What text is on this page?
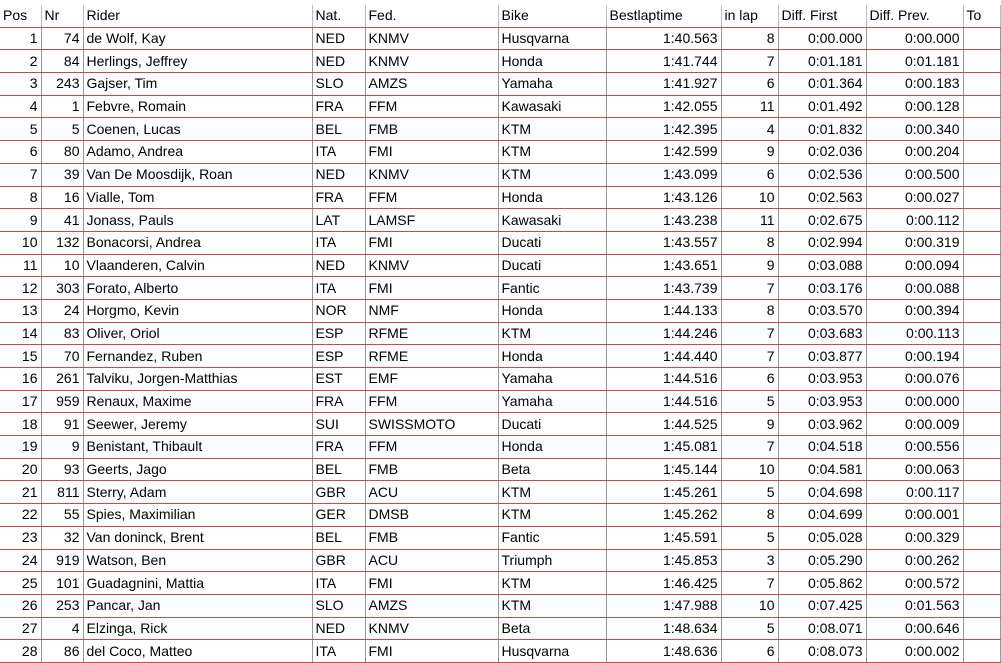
Pos	Nr	Rider	Nat.	Fed.	Bike	Bestlaptime	in lap	Diff. First	Diff. Prev.	To
1	74	de Wolf, Kay	NED	KNMV	Husqvarna	1:40.563	8	0:00.000	0:00.000	
2	84	Herlings, Jeffrey	NED	KNMV	Honda	1:41.744	7	0:01.181	0:01.181	
3	243	Gajser, Tim	SLO	AMZS	Yamaha	1:41.927	6	0:01.364	0:00.183	
4	1	Febvre, Romain	FRA	FFM	Kawasaki	1:42.055	11	0:01.492	0:00.128	
5	5	Coenen, Lucas	BEL	FMB	KTM	1:42.395	4	0:01.832	0:00.340	
6	80	Adamo, Andrea	ITA	FMI	KTM	1:42.599	9	0:02.036	0:00.204	
7	39	Van De Moosdijk, Roan	NED	KNMV	KTM	1:43.099	6	0:02.536	0:00.500	
8	16	Vialle, Tom	FRA	FFM	Honda	1:43.126	10	0:02.563	0:00.027	
9	41	Jonass, Pauls	LAT	LAMSF	Kawasaki	1:43.238	11	0:02.675	0:00.112	
10	132	Bonacorsi, Andrea	ITA	FMI	Ducati	1:43.557	8	0:02.994	0:00.319	
11	10	Vlaanderen, Calvin	NED	KNMV	Ducati	1:43.651	9	0:03.088	0:00.094	
12	303	Forato, Alberto	ITA	FMI	Fantic	1:43.739	7	0:03.176	0:00.088	
13	24	Horgmo, Kevin	NOR	NMF	Honda	1:44.133	8	0:03.570	0:00.394	
14	83	Oliver, Oriol	ESP	RFME	KTM	1:44.246	7	0:03.683	0:00.113	
15	70	Fernandez, Ruben	ESP	RFME	Honda	1:44.440	7	0:03.877	0:00.194	
16	261	Talviku, Jorgen-Matthias	EST	EMF	Yamaha	1:44.516	6	0:03.953	0:00.076	
17	959	Renaux, Maxime	FRA	FFM	Yamaha	1:44.516	5	0:03.953	0:00.000	
18	91	Seewer, Jeremy	SUI	SWISSMOTO	Ducati	1:44.525	9	0:03.962	0:00.009	
19	9	Benistant, Thibault	FRA	FFM	Honda	1:45.081	7	0:04.518	0:00.556	
20	93	Geerts, Jago	BEL	FMB	Beta	1:45.144	10	0:04.581	0:00.063	
21	811	Sterry, Adam	GBR	ACU	KTM	1:45.261	5	0:04.698	0:00.117	
22	55	Spies, Maximilian	GER	DMSB	KTM	1:45.262	8	0:04.699	0:00.001	
23	32	Van doninck, Brent	BEL	FMB	Fantic	1:45.591	5	0:05.028	0:00.329	
24	919	Watson, Ben	GBR	ACU	Triumph	1:45.853	3	0:05.290	0:00.262	
25	101	Guadagnini, Mattia	ITA	FMI	KTM	1:46.425	7	0:05.862	0:00.572	
26	253	Pancar, Jan	SLO	AMZS	KTM	1:47.988	10	0:07.425	0:01.563	
27	4	Elzinga, Rick	NED	KNMV	Beta	1:48.634	5	0:08.071	0:00.646	
28	86	del Coco, Matteo	ITA	FMI	Husqvarna	1:48.636	6	0:08.073	0:00.002	
